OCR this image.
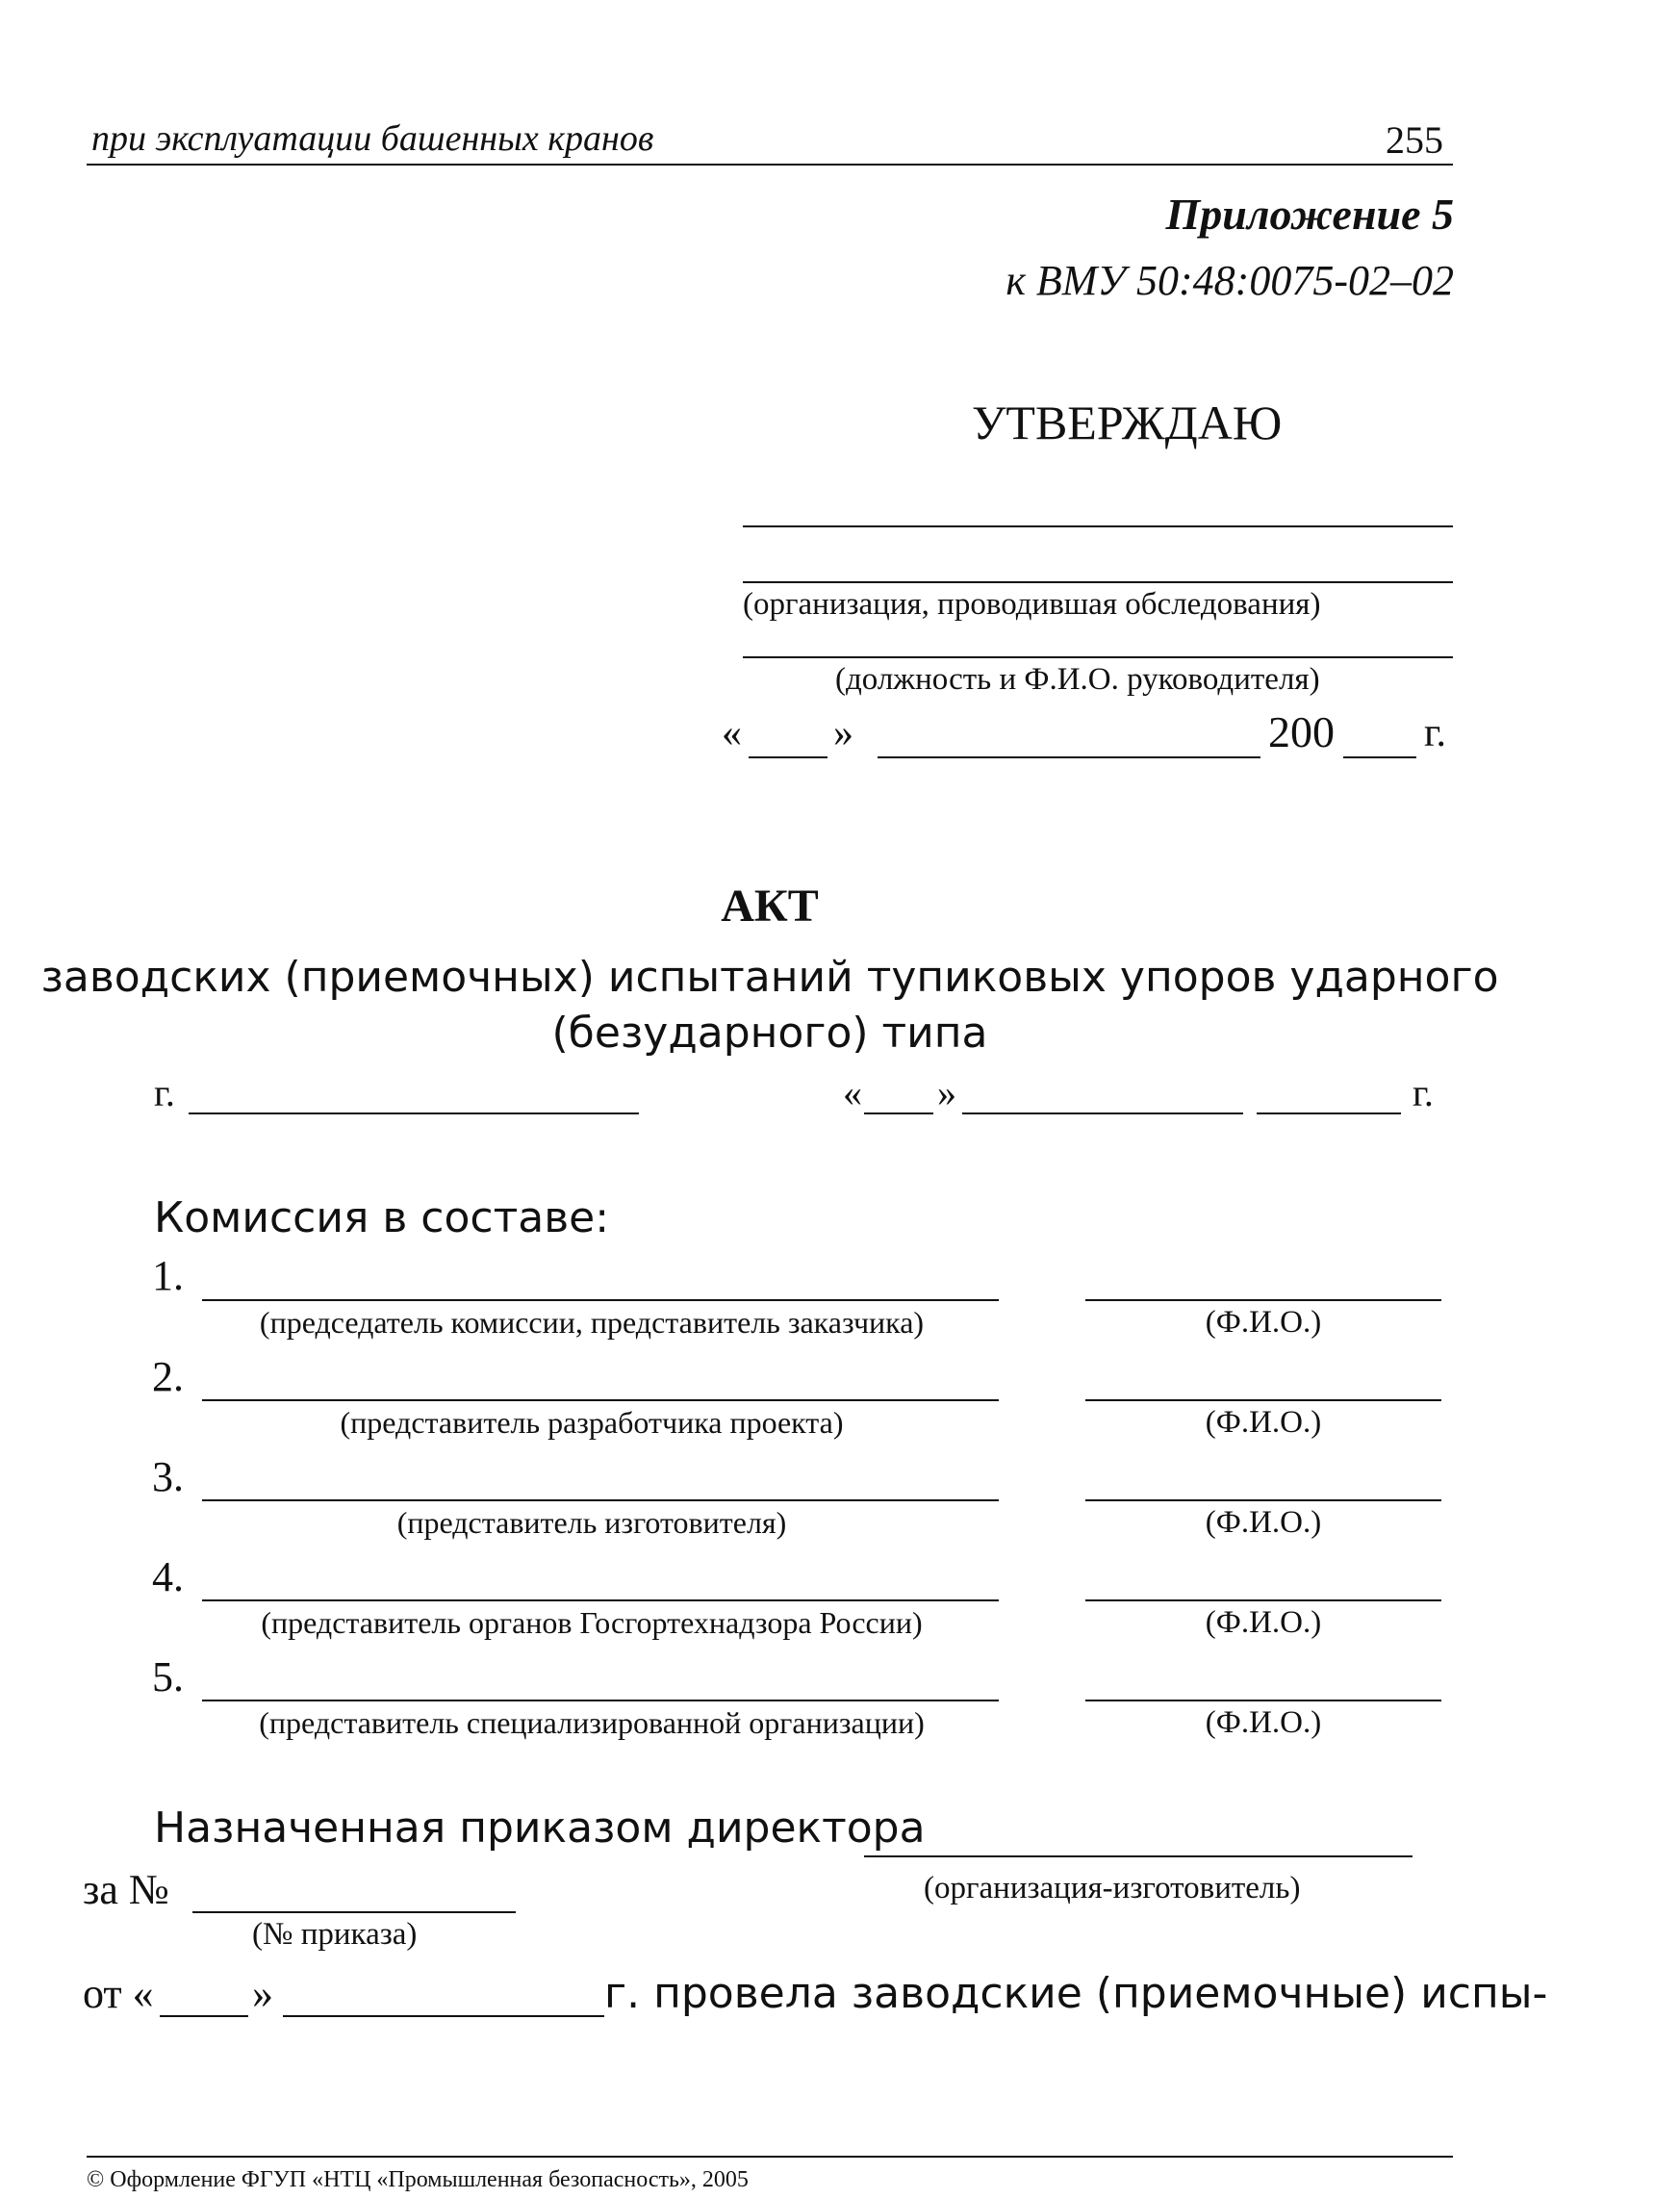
при эксплуатации башенных кранов	255
Приложение 5
к ВМУ 50:48:0075-02–02
УТВЕРЖДАЮ
(организация, проводившая обследования)
(должность и Ф.И.О. руководителя)
« »	200 г.
АКТ
заводских (приемочных) испытаний тупиковых упоров ударного
(безударного) типа
г.	« »	г.
Комиссия в составе:
1.
(председатель комиссии, представитель заказчика)	(Ф.И.О.)
2.
(представитель разработчика проекта)	(Ф.И.О.)
3.
(представитель изготовителя)	(Ф.И.О.)
4.
(представитель органов Госгортехнадзора России)	(Ф.И.О.)
5.
(представитель специализированной организации)	(Ф.И.О.)
Назначенная приказом директора
за №	(организация-изготовитель)
(№ приказа)
от « »	г. провела заводские (приемочные) испы-
© Оформление ФГУП «НТЦ «Промышленная безопасность», 2005
